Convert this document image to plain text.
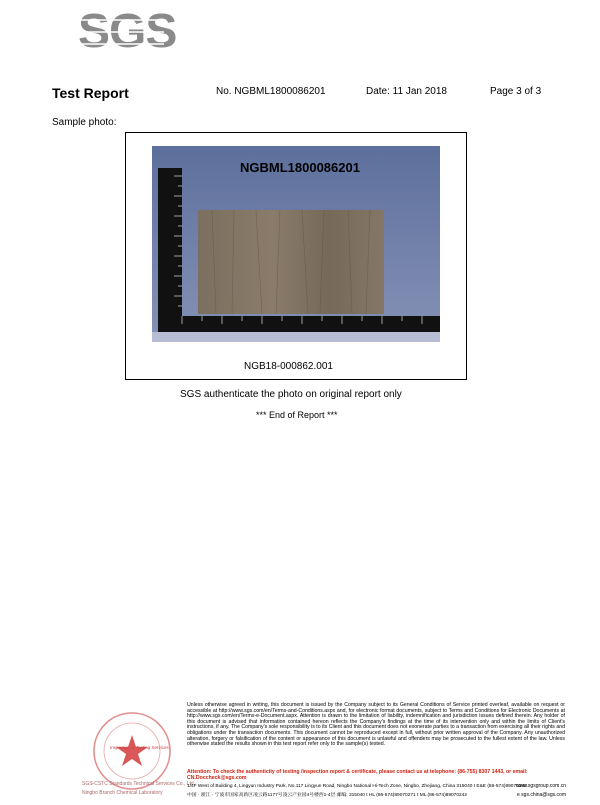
SGS
Test Report	No. NGBML1800086201	Date: 11 Jan 2018	Page 3 of 3
Sample photo:
NGBML1800086201
NGB18-000862.001
SGS authenticate the photo on original report only
*** End of Report ***
Inspection & Testing Services
SGS-CSTC Standards Technical Services Co., Ltd.
Ningbo Branch Chemical Laboratory
Unless otherwise agreed in writing, this document is issued by the Company subject to its General Conditions of Service printed overleaf, available on request or accessible at http://www.sgs.com/en/Terms-and-Conditions.aspx and, for electronic format documents, subject to Terms and Conditions for Electronic Documents at http://www.sgs.com/en/Terms-e-Document.aspx. Attention is drawn to the limitation of liability, indemnification and jurisdiction issues defined therein. Any holder of this document is advised that information contained hereon reflects the Company's findings at the time of its intervention only and within the limits of Client's instructions, if any. The Company's sole responsibility is to its Client and this document does not exonerate parties to a transaction from exercising all their rights and obligations under the transaction documents. This document cannot be reproduced except in full, without prior written approval of the Company. Any unauthorized alteration, forgery or falsification of the content or appearance of this document is unlawful and offenders may be prosecuted to the fullest extent of the law. Unless otherwise stated the results shown in this test report refer only to the sample(s) tested.
Attention: To check the authenticity of testing /inspection report & certificate, please contact us at telephone: (86-755) 8307 1443, or email: CN.Doccheck@sgs.com
1/4F West of Building 4, Lingyun Industry Park, No.117 Lingyun Road, Ningbo National Hi-Tech Zone, Ningbo, Zhejiang, China 315040 t E&E (86-574)89070249
中国 · 浙江 · 宁波市国家高新区凌云路1177号凌云产业园4号楼西1-4层 邮编: 315040 t HL (86-574)89070271 t ML (86-574)89070242
www.sgsgroup.com.cn
e sgs.china@sgs.com
